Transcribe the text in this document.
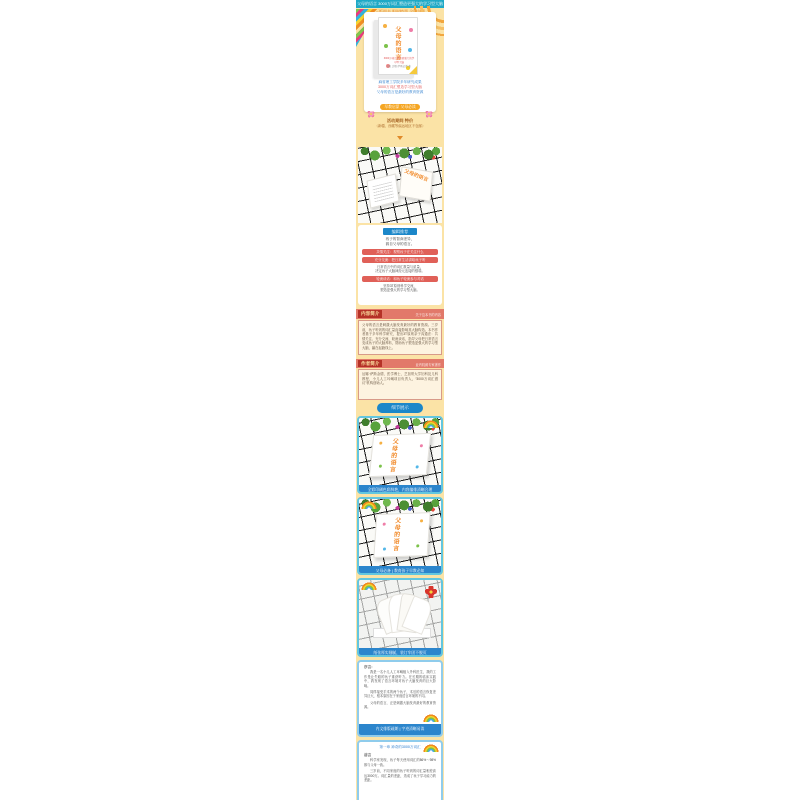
父母的语言 3000万词汇塑造更强大的学习型大脑
父母的语言
3000万词汇塑造更强大的学习型大脑
[美] 达娜·萨斯金德 著
麻省理工学院多年研究成果
3000万词汇塑造学习型大脑
父母的语言是最好的教育资源
早教启蒙 父母必读
活动期间 特价
（新疆、西藏等偏远地区不包邮）
父母的语言
编辑推荐
孩子的智商差异，
源自父母的语言。
共情关注：观察孩子在关注什么
充分交流：把日常生活讲给孩子听
日常语言中的词汇数量与质量，
决定孩子大脑神经元连接的强弱。
轮流谈话：和孩子轮流参与对话
坚持3T原则科学交流，
塑造更强大的学习型大脑。
内容简介	关于这本书的内容
父母的语言是刺激大脑发育最好的教育资源。三岁前，孩子听到的词汇量直接影响其大脑构造。本书作者基于多年科学研究，提出3T原则亲子沟通法：共情关注、充分交流、轮流谈话，指导父母把日常语言变成孩子的大脑养料，帮助孩子塑造更强大的学习型大脑，赢在起跑线上。
作者简介	业内权威专家著作
达娜·萨斯金德，医学博士，芝加哥大学妇科及儿科教授，小儿人工耳蜗项目负责人，“3000万词汇倡议”机构创始人。
细节展示
父母的语言
全彩印刷色彩鲜艳，内容编排清晰合理
父母的语言
父母必备 | 教育孩子早教必知
纸张厚实细腻，装订牢固不脱页
序言：
我是一名小儿人工耳蜗植入外科医生，我的工作是让失聪的孩子重获听力。在长期的临床实践中，我发现了语言环境对孩子大脑发育的巨大影响。
同样接受手术的两个孩子，术后的语言恢复差异巨大，根本原因在于家庭语言环境的不同。
父母的语言，正是刺激大脑发育最好的教育资源。
内文排版疏朗 | 字迹清晰易读
第一章 神奇的3000万词汇
前言
科学家发现，孩子每天使用词汇的86%～98%都与父母一致。
三岁前，不同家庭的孩子听到的词汇量相差高达3000万。词汇量的差距，造成了孩子学习能力的差距。
